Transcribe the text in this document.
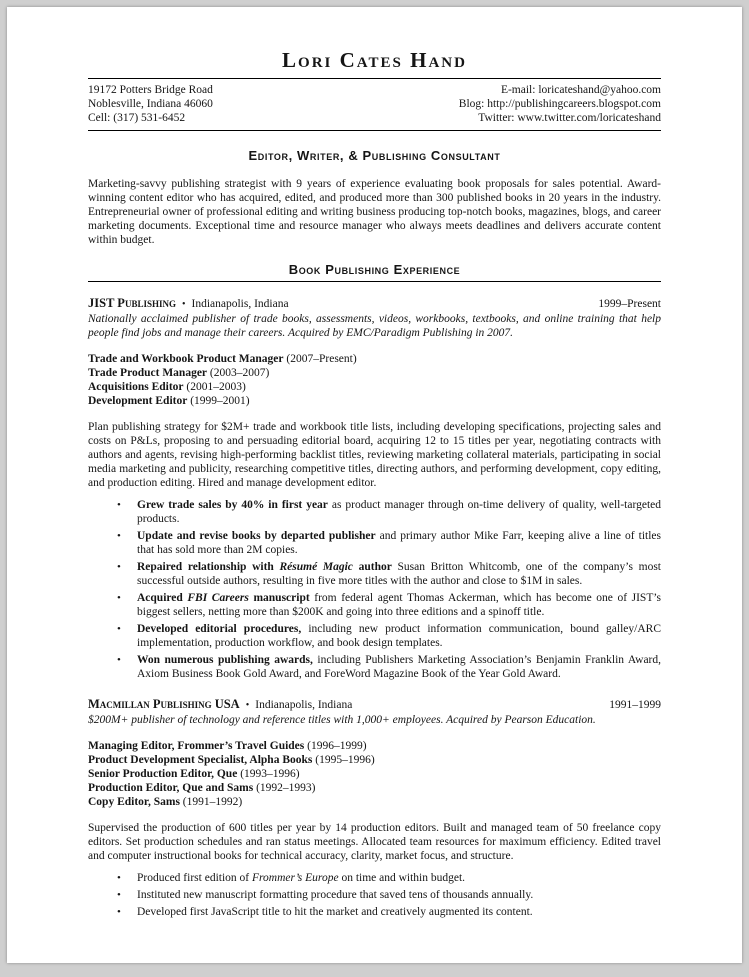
Lori Cates Hand
19172 Potters Bridge Road
Noblesville, Indiana 46060
Cell: (317) 531-6452
E-mail: loricateshand@yahoo.com
Blog: http://publishingcareers.blogspot.com
Twitter: www.twitter.com/loricateshand
Editor, Writer, & Publishing Consultant

Marketing-savvy publishing strategist with 9 years of experience evaluating book proposals for sales potential. Award-winning content editor who has acquired, edited, and produced more than 300 published books in 20 years in the industry. Entrepreneurial owner of professional editing and writing business producing top-notch books, magazines, blogs, and career marketing documents. Exceptional time and resource manager who always meets deadlines and delivers accurate content within budget.

Book Publishing Experience
JIST Publishing • Indianapolis, Indiana	1999–Present

Nationally acclaimed publisher of trade books, assessments, videos, workbooks, textbooks, and online training that help people find jobs and manage their careers. Acquired by EMC/Paradigm Publishing in 2007.

Trade and Workbook Product Manager (2007–Present)
Trade Product Manager (2003–2007)
Acquisitions Editor (2001–2003)
Development Editor (1999–2001)

Plan publishing strategy for $2M+ trade and workbook title lists, including developing specifications, projecting sales and costs on P&Ls, proposing to and persuading editorial board, acquiring 12 to 15 titles per year, negotiating contracts with authors and agents, revising high-performing backlist titles, reviewing marketing collateral materials, participating in social media marketing and publicity, researching competitive titles, directing authors, and performing development, copy editing, and production editing. Hired and manage development editor.

• Grew trade sales by 40% in first year as product manager through on-time delivery of quality, well-targeted products.
• Update and revise books by departed publisher and primary author Mike Farr, keeping alive a line of titles that has sold more than 2M copies.
• Repaired relationship with Résumé Magic author Susan Britton Whitcomb, one of the company’s most successful outside authors, resulting in five more titles with the author and close to $1M in sales.
• Acquired FBI Careers manuscript from federal agent Thomas Ackerman, which has become one of JIST’s biggest sellers, netting more than $200K and going into three editions and a spinoff title.
• Developed editorial procedures, including new product information communication, bound galley/ARC implementation, production workflow, and book design templates.
• Won numerous publishing awards, including Publishers Marketing Association’s Benjamin Franklin Award, Axiom Business Book Gold Award, and ForeWord Magazine Book of the Year Gold Award.
Macmillan Publishing USA • Indianapolis, Indiana	1991–1999

$200M+ publisher of technology and reference titles with 1,000+ employees. Acquired by Pearson Education.

Managing Editor, Frommer’s Travel Guides (1996–1999)
Product Development Specialist, Alpha Books (1995–1996)
Senior Production Editor, Que (1993–1996)
Production Editor, Que and Sams (1992–1993)
Copy Editor, Sams (1991–1992)

Supervised the production of 600 titles per year by 14 production editors. Built and managed team of 50 freelance copy editors. Set production schedules and ran status meetings. Allocated team resources for maximum efficiency. Edited travel and computer instructional books for technical accuracy, clarity, market focus, and structure.

• Produced first edition of Frommer’s Europe on time and within budget.
• Instituted new manuscript formatting procedure that saved tens of thousands annually.
• Developed first JavaScript title to hit the market and creatively augmented its content.
